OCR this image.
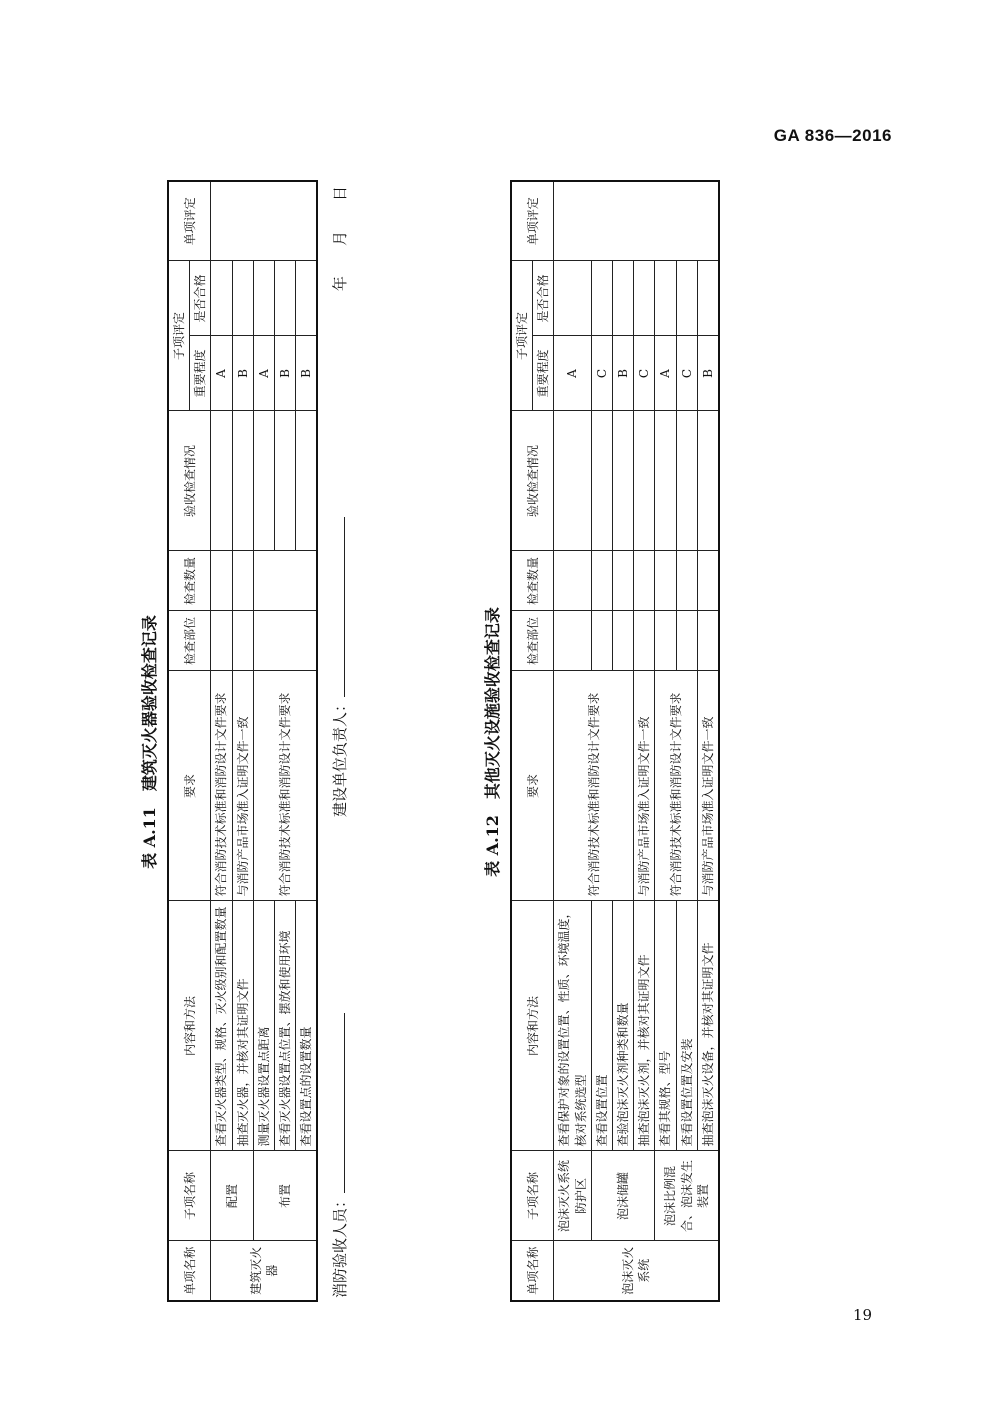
GA 836—2016
表 A.11　建筑灭火器验收检查记录
单项名称	子项名称	内容和方法	要求	检查部位	检查数量	验收检查情况	子项评定		单项评定
							重要程度	是否合格	
建筑灭火器	配置	查看灭火器类型、规格、灭火级别和配置数量	符合消防技术标准和消防设计文件要求				A		
		抽查灭火器，并核对其证明文件	与消防产品市场准入证明文件一致				B		
	布置	测量灭火器设置点距离	符合消防技术标准和消防设计文件要求				A		
		查看灭火器设置点位置、摆放和使用环境					B		
		查看设置点的设置数量					B		
消防验收人员：
建设单位负责人：
年月日
表 A.12　其他灭火设施验收检查记录
单项名称	子项名称	内容和方法	要求	检查部位	检查数量	验收检查情况	子项评定		单项评定
							重要程度	是否合格	
泡沫灭火系统	泡沫灭火系统防护区	查看保护对象的设置位置、性质、环境温度，核对系统选型	符合消防技术标准和消防设计文件要求				A		
	泡沫储罐	查看设置位置					C		
		查验泡沫灭火剂种类和数量					B		
		抽查泡沫灭火剂，并核对其证明文件	与消防产品市场准入证明文件一致				C		
	泡沫比例混合、泡沫发生装置	查看其规格、型号	符合消防技术标准和消防设计文件要求				A		
		查看设置位置及安装					C		
		抽查泡沫灭火设备，并核对其证明文件	与消防产品市场准入证明文件一致				B		
19
